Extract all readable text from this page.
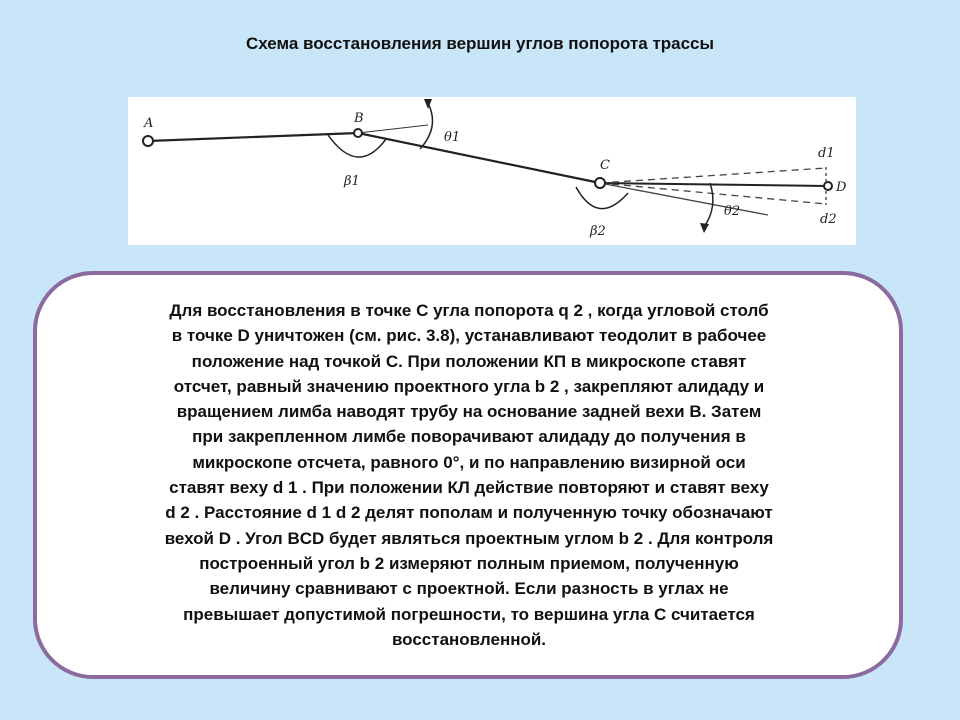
Схема восстановления вершин углов попорота трассы
A	B
C
D
θ1
θ2
β1
β2
d1
d2

Для восстановления в точке C угла попорота q 2 , когда угловой столб
в точке D уничтожен (см. рис. 3.8), устанавливают теодолит в рабочее
положение над точкой C. При положении КП в микроскопе ставят
отсчет, равный значению проектного угла b 2 , закрепляют алидаду и
вращением лимба наводят трубу на основание задней вехи B. Затем
при закрепленном лимбе поворачивают алидаду до получения в
микроскопе отсчета, равного 0°, и по направлению визирной оси
ставят веху d 1 . При положении КЛ действие повторяют и ставят веху
d 2 . Расстояние d 1 d 2 делят пополам и полученную точку обозначают
вехой D . Угол BCD будет являться проектным углом b 2 . Для контроля
построенный угол b 2 измеряют полным приемом, полученную
величину сравнивают с проектной. Если разность в углах не
превышает допустимой погрешности, то вершина угла C считается
восстановленной.
